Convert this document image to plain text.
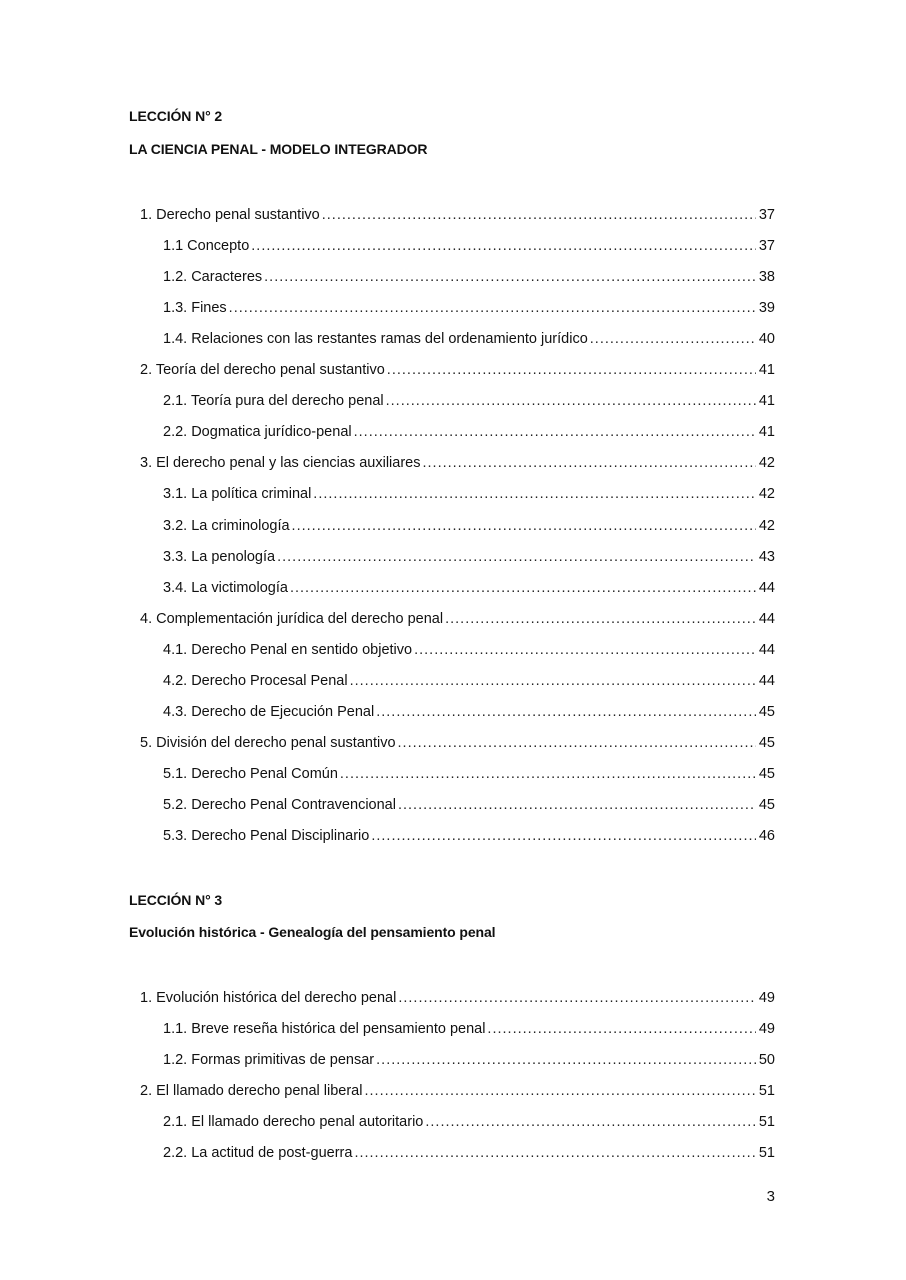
LECCIÓN N° 2
LA CIENCIA PENAL - MODELO INTEGRADOR
1. Derecho penal sustantivo .....	37
1.1 Concepto .....	37
1.2. Caracteres .....	38
1.3. Fines .....	39
1.4. Relaciones con las restantes ramas del ordenamiento jurídico .....	40
2. Teoría del derecho penal sustantivo .....	41
2.1. Teoría pura del derecho penal .....	41
2.2. Dogmatica jurídico-penal .....	41
3. El derecho penal y las ciencias auxiliares .....	42
3.1. La política criminal .....	42
3.2. La criminología .....	42
3.3. La penología .....	43
3.4. La victimología .....	44
4. Complementación jurídica del derecho penal .....	44
4.1. Derecho Penal en sentido objetivo .....	44
4.2. Derecho Procesal Penal .....	44
4.3. Derecho de Ejecución Penal .....	45
5. División del derecho penal sustantivo .....	45
5.1. Derecho Penal Común .....	45
5.2. Derecho Penal Contravencional .....	45
5.3. Derecho Penal Disciplinario .....	46
LECCIÓN N° 3
Evolución histórica - Genealogía del pensamiento penal
1. Evolución histórica del derecho penal .....	49
1.1. Breve reseña histórica del pensamiento penal .....	49
1.2. Formas primitivas de pensar .....	50
2. El llamado derecho penal liberal .....	51
2.1. El llamado derecho penal autoritario .....	51
2.2. La actitud de post-guerra .....	51
3
